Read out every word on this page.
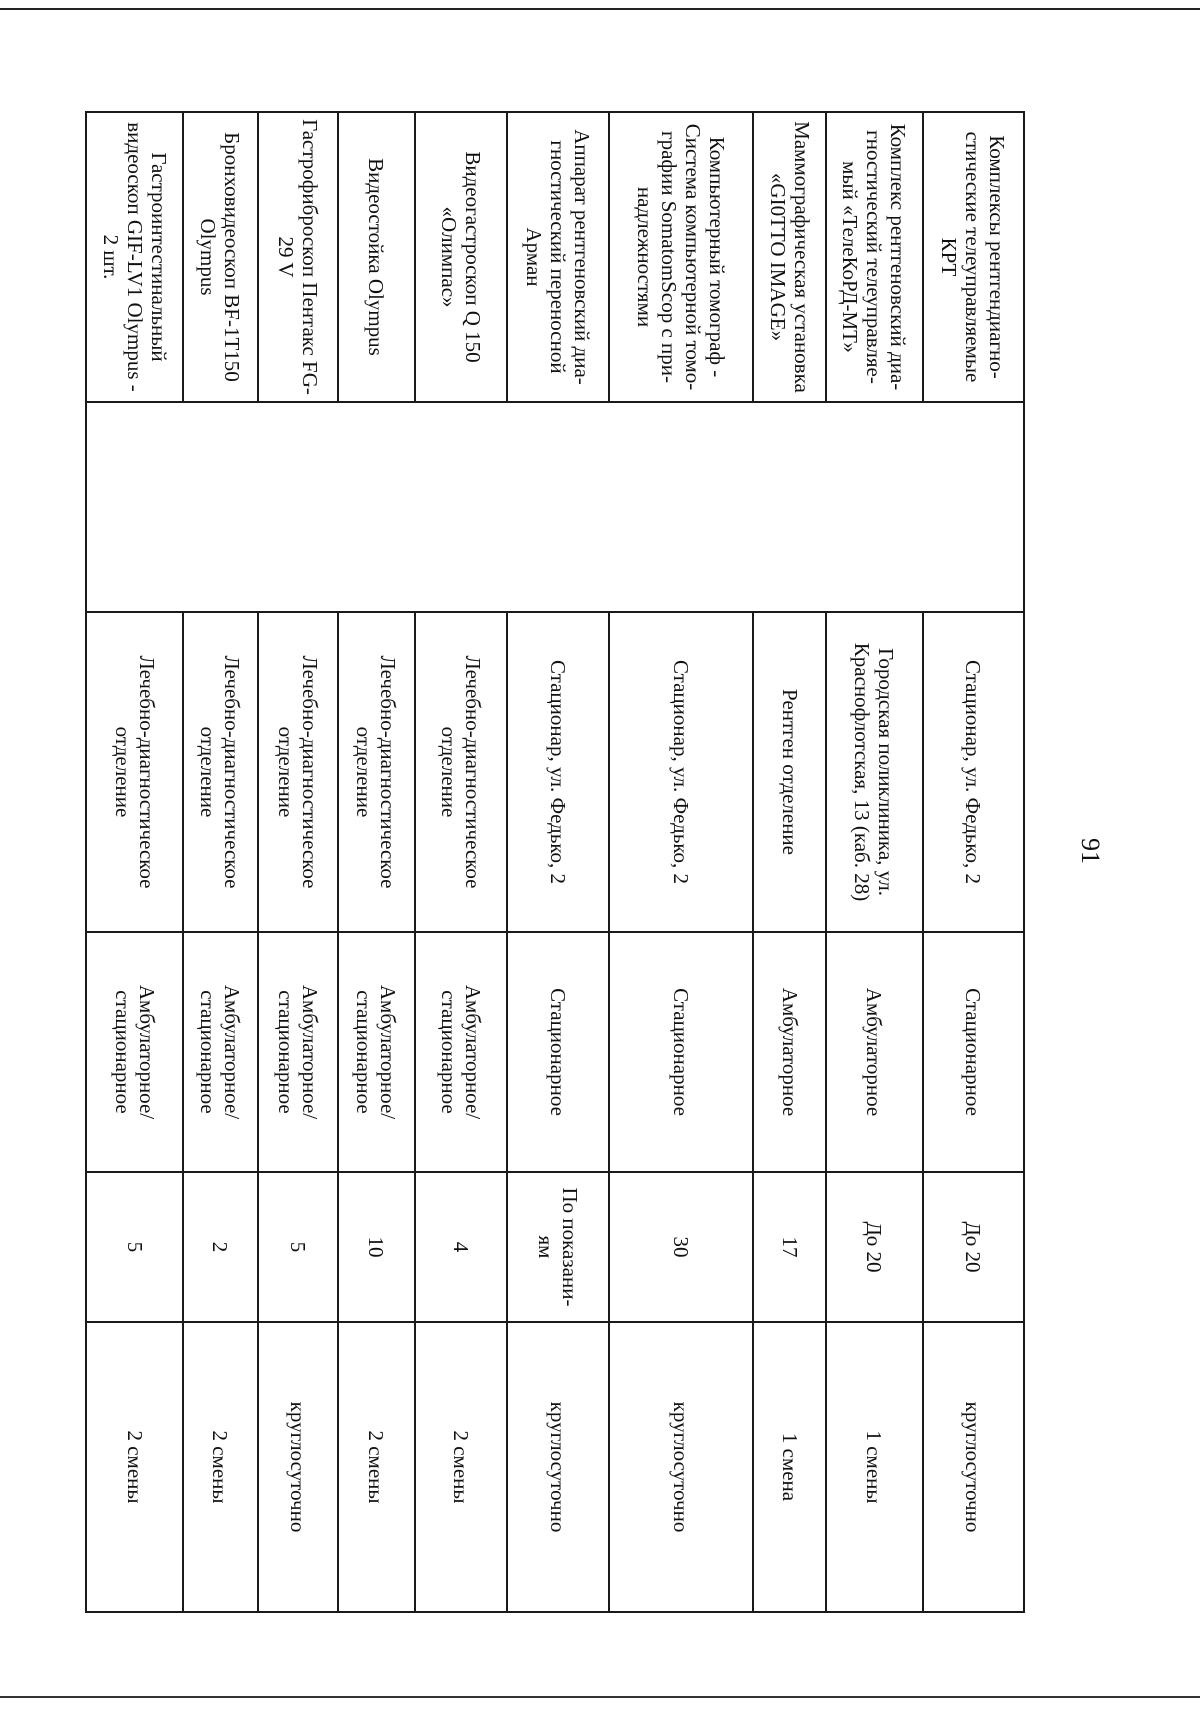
91
Комплексы рентгендиагно-стические телеуправляемые КРТ		Стационар, ул. Федько, 2	Стационарное	До 20	круглосуточно
Комплекс рентгеновский диа-гностический телеуправляе-мый «ТелеКоРД-МТ»		Городская поликлиника, ул. Краснофлотская, 13 (каб. 28)	Амбулаторное	До 20	1 смены
Маммографическая установка «GI0TTO IMAGE»		Рентген отделение	Амбулаторное	17	1 смена
Компьютерный томограф - Система компьютерной томо-графии SomatomScop с при-надлежностями		Стационар, ул. Федько, 2	Стационарное	30	круглосуточно
Аппарат рентгеновский диа-гностический переносной Арман		Стационар, ул. Федько, 2	Стационарное	По показани-ям	круглосуточно
Видеогастроскоп Q 150 «Олимпас»		Лечебно-диагностическое отделение	Амбулаторное/ стационарное	4	2 смены
Видеостойка Olympus		Лечебно-диагностическое отделение	Амбулаторное/ стационарное	10	2 смены
Гастрофиброскоп Пентакс FG-29 V		Лечебно-диагностическое отделение	Амбулаторное/ стационарное	5	круглосуточно
Бронховидеоскоп BF-1T150 Olympus		Лечебно-диагностическое отделение	Амбулаторное/ стационарное	2	2 смены
Гастроинтестинальный видеоскоп GIF-LV1 Olympus - 2 шт.		Лечебно-диагностическое отделение	Амбулаторное/ стационарное	5	2 смены
